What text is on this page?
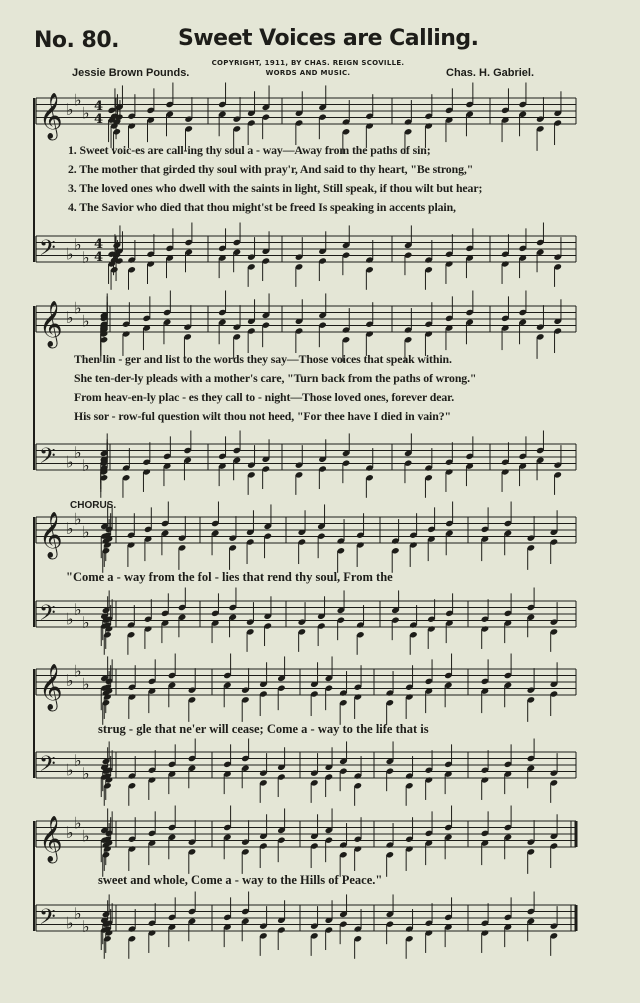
No. 80.	Sweet Voices are Calling.
COPYRIGHT, 1911, BY CHAS. REIGN SCOVILLE.
WORDS AND MUSIC.
Jessie Brown Pounds.	Chas. H. Gabriel.
𝄞 ♭
♭
♭ 4
4
𝄢 ♭
♭
♭
4
4
𝄞 ♭
♭
♭
𝄢 ♭
♭
♭
𝄞 ♭
♭
♭
𝄢 ♭
♭
♭
𝄞 ♭
♭
♭
𝄢 ♭
♭
♭
𝄞 ♭
♭
♭
𝄢 ♭
♭
♭
1. Sweet voic-es are call-ing thy soul a - way—Away from the paths of sin;
2. The mother that girded thy soul with pray'r, And said to thy heart, "Be strong,"
3. The loved ones who dwell with the saints in light, Still speak, if thou wilt but hear;
4. The Savior who died that thou might'st be freed Is speaking in accents plain,
Then lin - ger and list to the words they say—Those voices that speak within.
She ten-der-ly pleads with a mother's care, "Turn back from the paths of wrong."
From heav-en-ly plac - es they call to - night—Those loved ones, forever dear.
His sor - row-ful question wilt thou not heed, "For thee have I died in vain?"
CHORUS.
"Come a - way from the fol - lies that rend thy soul, From the
strug - gle that ne'er will cease; Come a - way to the life that is
sweet and whole, Come a - way to the Hills of Peace."
